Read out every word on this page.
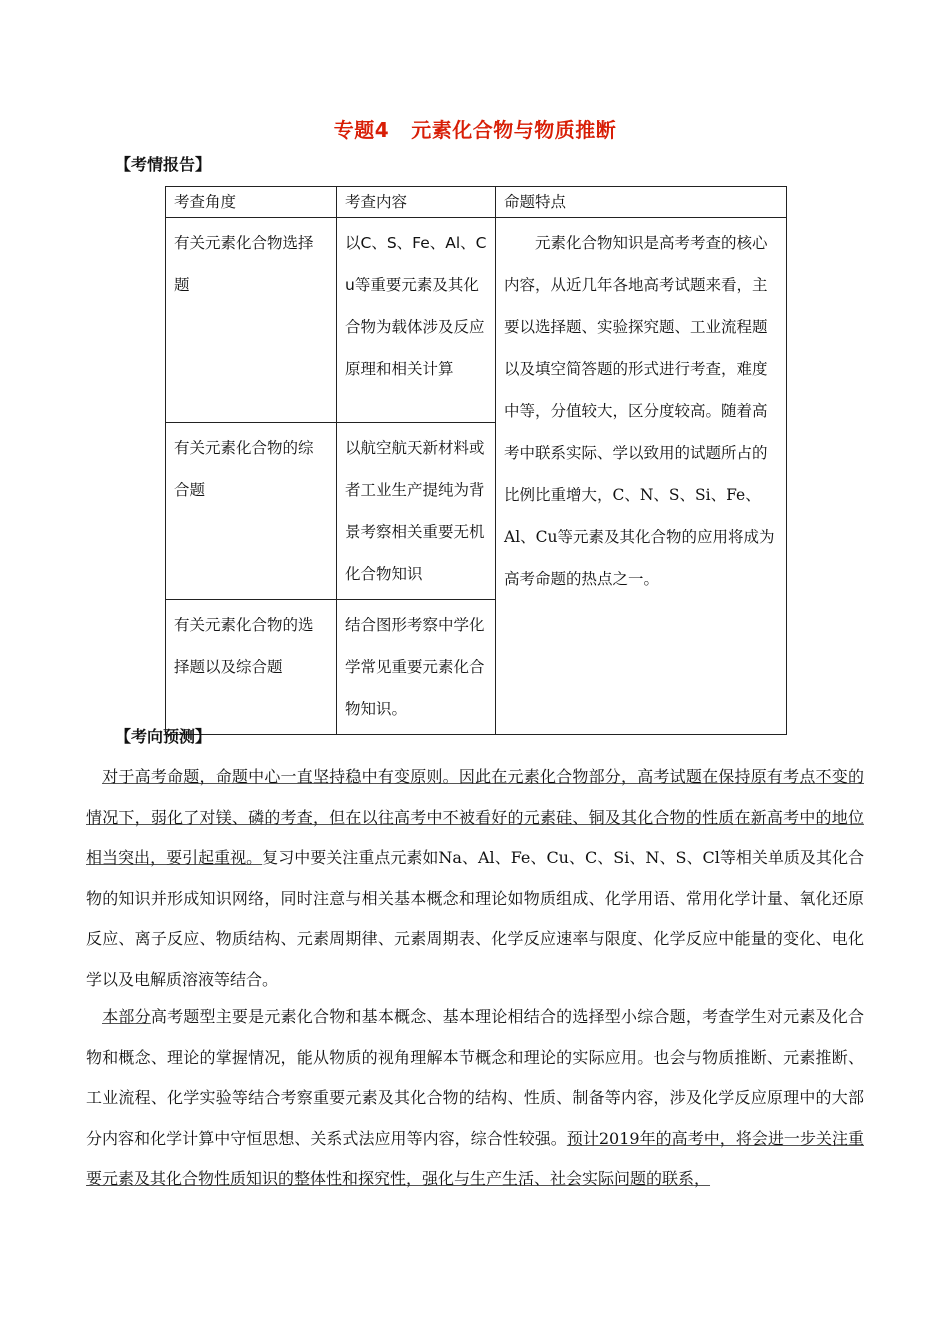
专题4 元素化合物与物质推断
【考情报告】
考查角度	考查内容	命题特点
有关元素化合物选择题	以C、S、Fe、Al、Cu等重要元素及其化合物为载体涉及反应原理和相关计算	元素化合物知识是高考考查的核心内容，从近几年各地高考试题来看，主要以选择题、实验探究题、工业流程题以及填空简答题的形式进行考查，难度中等，分值较大，区分度较高。随着高考中联系实际、学以致用的试题所占的比例比重增大，C、N、S、Si、Fe、Al、Cu等元素及其化合物的应用将成为高考命题的热点之一。
有关元素化合物的综合题	以航空航天新材料或者工业生产提纯为背景考察相关重要无机化合物知识	
有关元素化合物的选择题以及综合题	结合图形考察中学化学常见重要元素化合物知识。	
【考向预测】

 对于高考命题，命题中心一直坚持稳中有变原则。因此在元素化合物部分，高考试题在保持原有考点不变的情况下，弱化了对镁、磷的考查，但在以往高考中不被看好的元素硅、铜及其化合物的性质在新高考中的地位相当突出，要引起重视。复习中要关注重点元素如Na、Al、Fe、Cu、C、Si、N、S、Cl等相关单质及其化合物的知识并形成知识网络，同时注意与相关基本概念和理论如物质组成、化学用语、常用化学计量、氧化还原反应、离子反应、物质结构、元素周期律、元素周期表、化学反应速率与限度、化学反应中能量的变化、电化学以及电解质溶液等结合。

 本部分高考题型主要是元素化合物和基本概念、基本理论相结合的选择型小综合题，考查学生对元素及化合物和概念、理论的掌握情况，能从物质的视角理解本节概念和理论的实际应用。也会与物质推断、元素推断、工业流程、化学实验等结合考察重要元素及其化合物的结构、性质、制备等内容，涉及化学反应原理中的大部分内容和化学计算中守恒思想、关系式法应用等内容，综合性较强。预计2019年的高考中，将会进一步关注重要元素及其化合物性质知识的整体性和探究性，强化与生产生活、社会实际问题的联系，
